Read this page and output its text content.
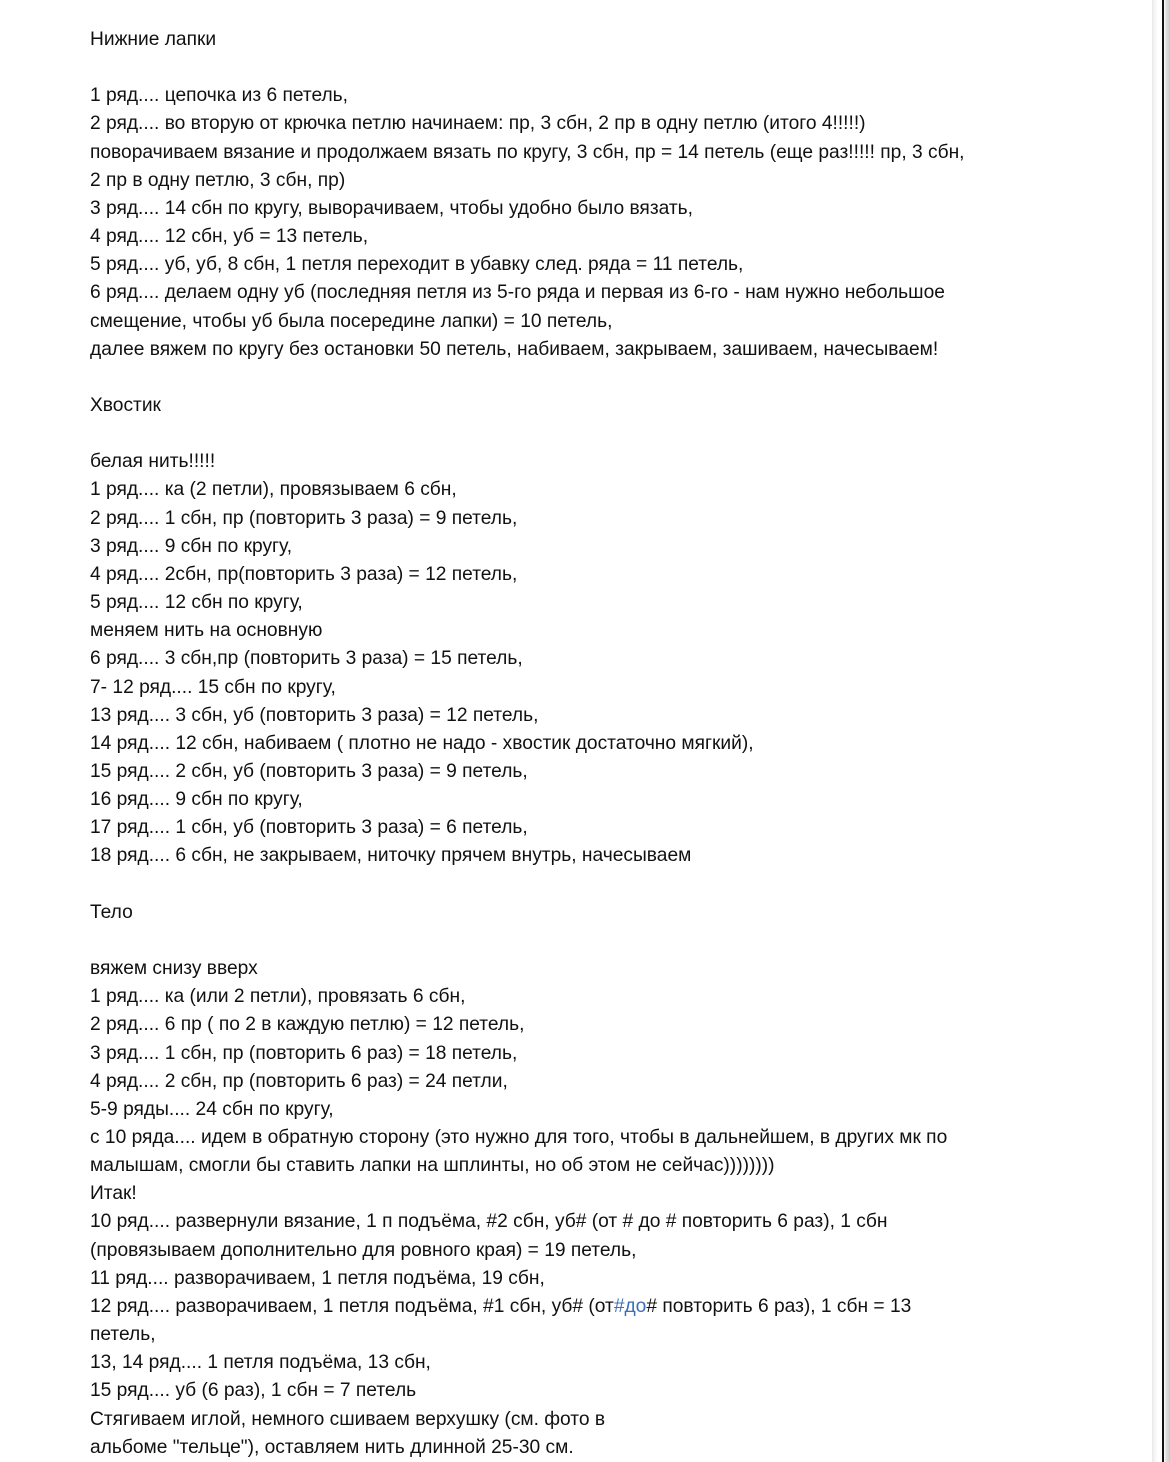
Нижние лапки

1 ряд.... цепочка из 6 петель,

2 ряд.... во вторую от крючка петлю начинаем: пр, 3 сбн, 2 пр в одну петлю (итого 4!!!!!)

поворачиваем вязание и продолжаем вязать по кругу, 3 сбн, пр = 14 петель (еще раз!!!!! пр, 3 сбн,

2 пр в одну петлю, 3 сбн, пр)

3 ряд.... 14 сбн по кругу, выворачиваем, чтобы удобно было вязать,

4 ряд.... 12 сбн, уб = 13 петель,

5 ряд.... уб, уб, 8 сбн, 1 петля переходит в убавку след. ряда = 11 петель,

6 ряд.... делаем одну уб (последняя петля из 5-го ряда и первая из 6-го - нам нужно небольшое

смещение, чтобы уб была посередине лапки) = 10 петель,

далее вяжем по кругу без остановки 50 петель, набиваем, закрываем, зашиваем, начесываем!

Хвостик

белая нить!!!!!

1 ряд.... ка (2 петли), провязываем 6 сбн,

2 ряд.... 1 сбн, пр (повторить 3 раза) = 9 петель,

3 ряд.... 9 сбн по кругу,

4 ряд.... 2сбн, пр(повторить 3 раза) = 12 петель,

5 ряд.... 12 сбн по кругу,

меняем нить на основную

6 ряд.... 3 сбн,пр (повторить 3 раза) = 15 петель,

7- 12 ряд.... 15 сбн по кругу,

13 ряд.... 3 сбн, уб (повторить 3 раза) = 12 петель,

14 ряд.... 12 сбн, набиваем ( плотно не надо - хвостик достаточно мягкий),

15 ряд.... 2 сбн, уб (повторить 3 раза) = 9 петель,

16 ряд.... 9 сбн по кругу,

17 ряд.... 1 сбн, уб (повторить 3 раза) = 6 петель,

18 ряд.... 6 сбн, не закрываем, ниточку прячем внутрь, начесываем

Тело

вяжем снизу вверх

1 ряд.... ка (или 2 петли), провязать 6 сбн,

2 ряд.... 6 пр ( по 2 в каждую петлю) = 12 петель,

3 ряд.... 1 сбн, пр (повторить 6 раз) = 18 петель,

4 ряд.... 2 сбн, пр (повторить 6 раз) = 24 петли,

5-9 ряды.... 24 сбн по кругу,

с 10 ряда.... идем в обратную сторону (это нужно для того, чтобы в дальнейшем, в других мк по

малышам, смогли бы ставить лапки на шплинты, но об этом не сейчас))))))))

Итак!

10 ряд.... развернули вязание, 1 п подъёма, #2 сбн, уб# (от # до # повторить 6 раз), 1 сбн

(провязываем дополнительно для ровного края) = 19 петель,

11 ряд.... разворачиваем, 1 петля подъёма, 19 сбн,

12 ряд.... разворачиваем, 1 петля подъёма, #1 сбн, уб# (от#до# повторить 6 раз), 1 сбн = 13

петель,

13, 14 ряд.... 1 петля подъёма, 13 сбн,

15 ряд.... уб (6 раз), 1 сбн = 7 петель

Стягиваем иглой, немного сшиваем верхушку (см. фото в

альбоме "тельце"), оставляем нить длинной 25-30 см.
